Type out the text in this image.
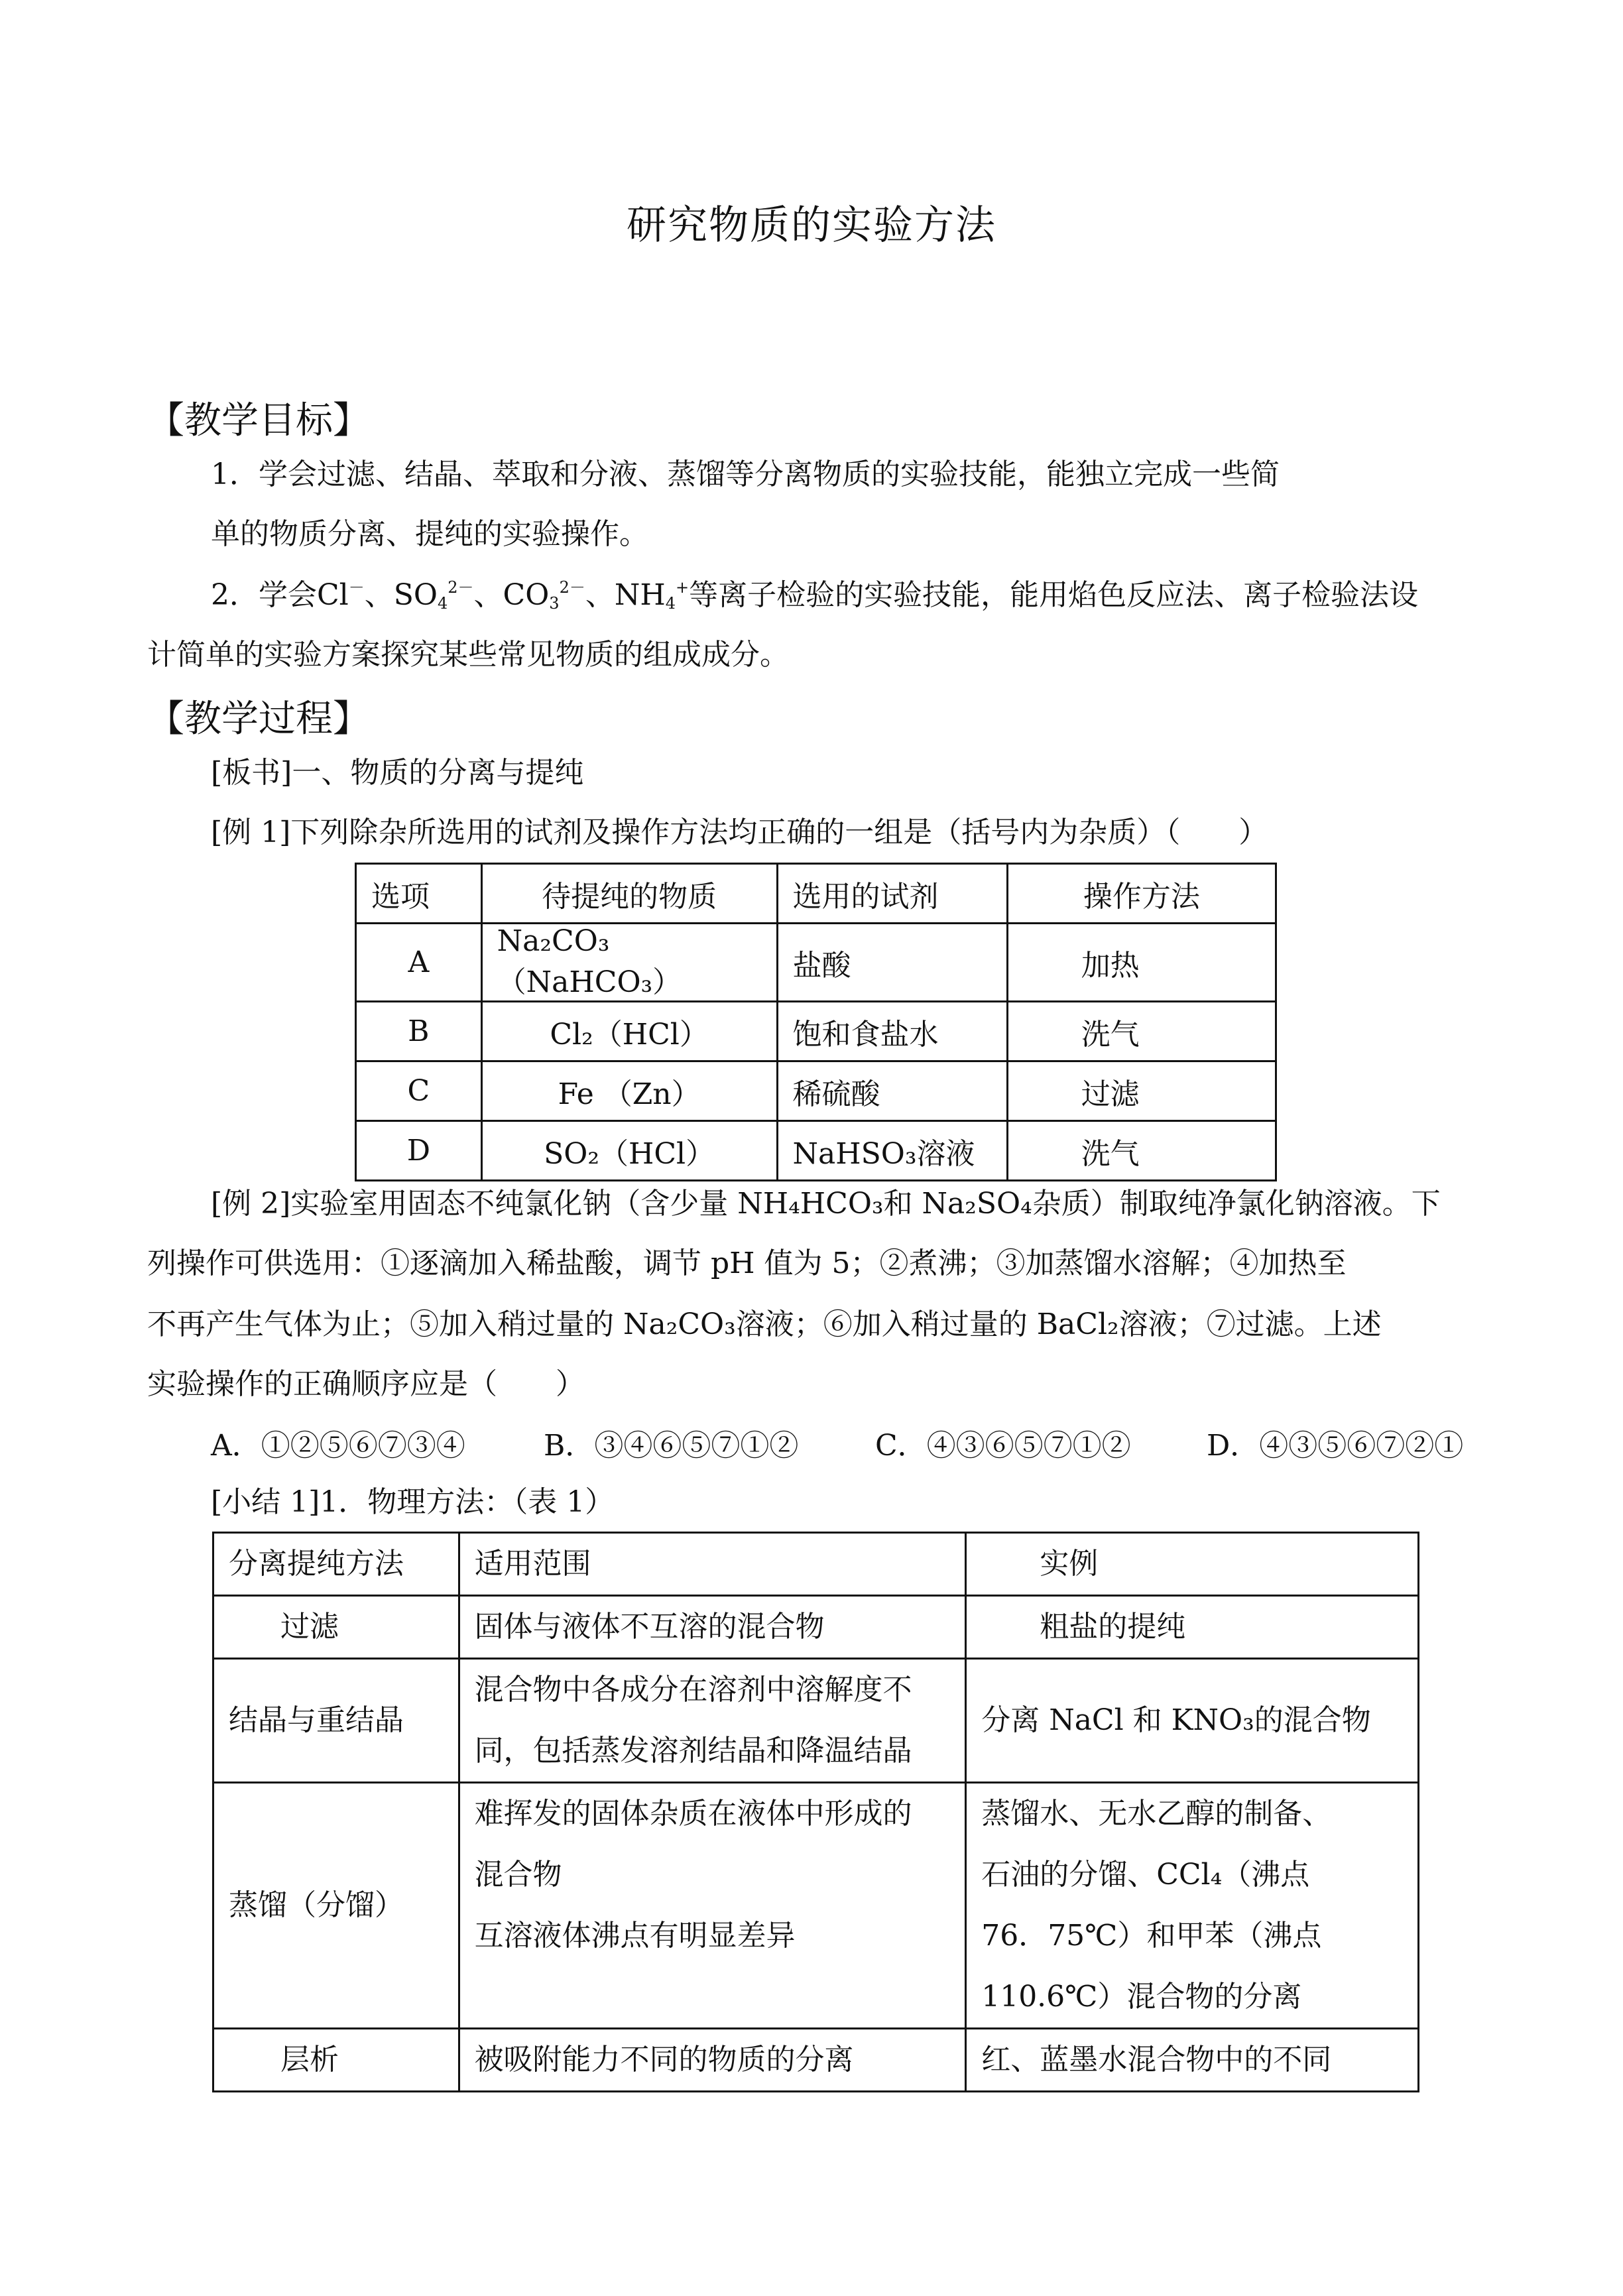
研究物质的实验方法
【教学目标】
1．学会过滤、结晶、萃取和分液、蒸馏等分离物质的实验技能，能独立完成一些简
单的物质分离、提纯的实验操作。
2．学会Cl－、$SO_4^{2-}$、$CO_3^{2-}$、$NH_4^+$等离子检验的实验技能，能用焰色反应法、离子检验法设
计简单的实验方案探究某些常见物质的组成成分。
【教学过程】
[板书]一、物质的分离与提纯
[例 1]下列除杂所选用的试剂及操作方法均正确的一组是（括号内为杂质）（　　）
选项	待提纯的物质	选用的试剂	操作方法
A	Na₂CO₃（NaHCO₃）	盐酸	加热
B	Cl₂（HCl）	饱和食盐水	洗气
C	Fe （Zn）	稀硫酸	过滤
D	SO₂（HCl）	NaHSO₃溶液	洗气
[例 2]实验室用固态不纯氯化钠（含少量 NH₄HCO₃和 Na₂SO₄杂质）制取纯净氯化钠溶液。下
列操作可供选用：①逐滴加入稀盐酸，调节 pH 值为 5；②煮沸；③加蒸馏水溶解；④加热至
不再产生气体为止；⑤加入稍过量的 Na₂CO₃溶液；⑥加入稍过量的 BaCl₂溶液；⑦过滤。上述
实验操作的正确顺序应是（　　）
A．①②⑤⑥⑦③④	B．③④⑥⑤⑦①②	C．④③⑥⑤⑦①②	D．④③⑤⑥⑦②①
[小结 1]1．物理方法：（表 1）
分离提纯方法	适用范围	实例

过滤	固体与液体不互溶的混合物	粗盐的提纯

结晶与重结晶	混合物中各成分在溶剂中溶解度不
同，包括蒸发溶剂结晶和降温结晶	分离 NaCl 和 KNO₃的混合物

蒸馏（分馏）	难挥发的固体杂质在液体中形成的
混合物
互溶液体沸点有明显差异	蒸馏水、无水乙醇的制备、
石油的分馏、CCl₄（沸点
76．75℃）和甲苯（沸点
110.6℃）混合物的分离

层析	被吸附能力不同的物质的分离	红、蓝墨水混合物中的不同
